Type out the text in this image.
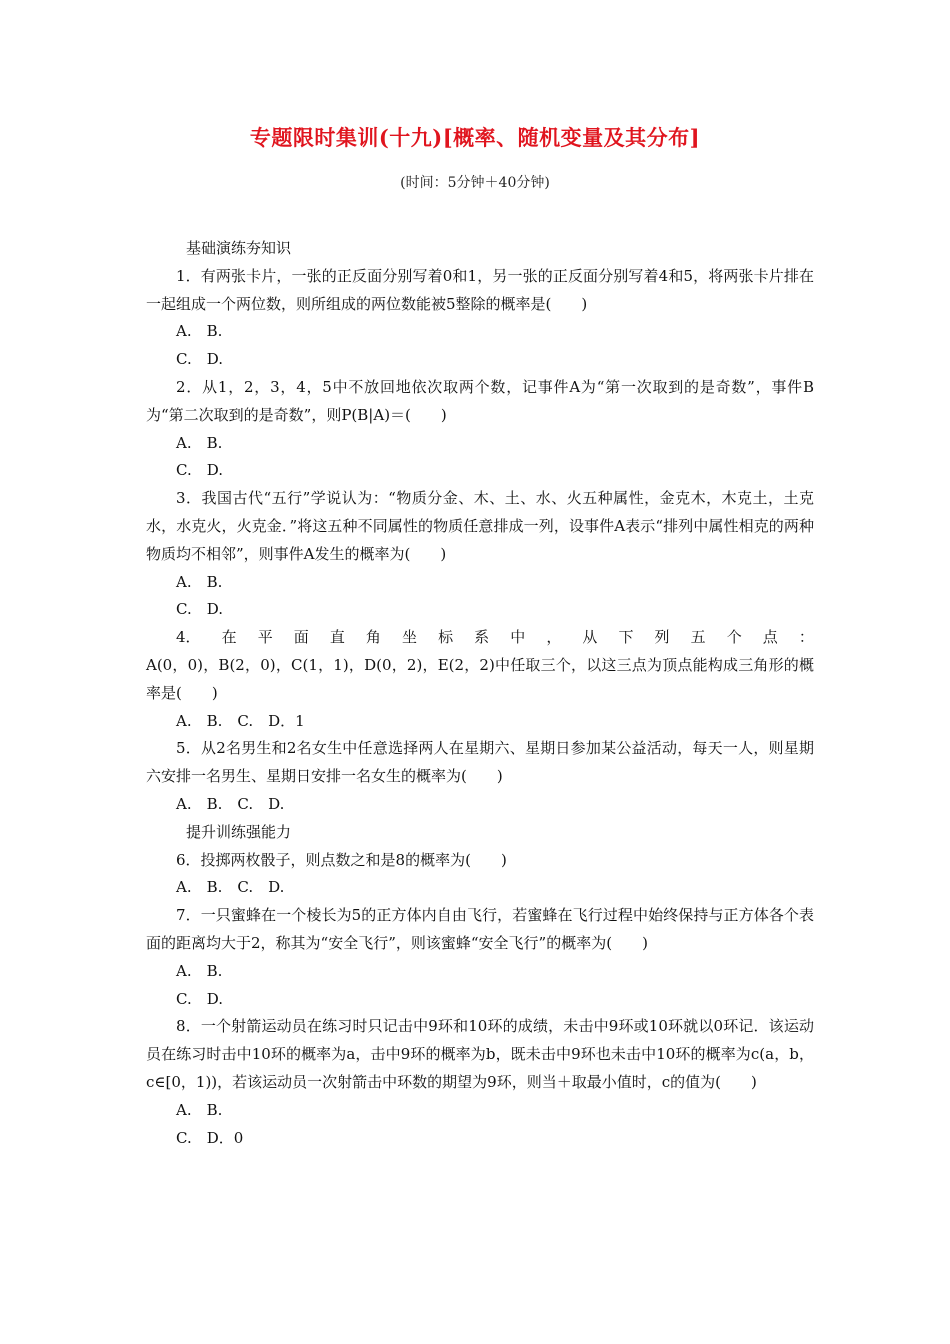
专题限时集训(十九)[概率、随机变量及其分布]
(时间：5分钟＋40分钟)

基础演练夯知识

1．有两张卡片，一张的正反面分别写着0和1，另一张的正反面分别写着4和5，将两张卡片排在一起组成一个两位数，则所组成的两位数能被5整除的概率是(　　)

A.　B.

C.　D.

2．从1，2，3，4，5中不放回地依次取两个数，记事件A为“第一次取到的是奇数”，事件B为“第二次取到的是奇数”，则P(B|A)＝(　　)

A.　B.

C.　D.

3．我国古代“五行”学说认为：“物质分金、木、土、水、火五种属性，金克木，木克土，土克水，水克火，火克金．”将这五种不同属性的物质任意排成一列，设事件A表示“排列中属性相克的两种物质均不相邻”，则事件A发生的概率为(　　)

A.　B.

C.　D.

4． 在 平 面 直 角 坐 标 系 中 ， 从 下 列 五 个 点 ：

A(0，0)，B(2，0)，C(1，1)，D(0，2)，E(2，2)中任取三个，以这三点为顶点能构成三角形的概率是(　　)

A.　B.　C.　D．1

5．从2名男生和2名女生中任意选择两人在星期六、星期日参加某公益活动，每天一人，则星期六安排一名男生、星期日安排一名女生的概率为(　　)

A.　B.　C.　D.

提升训练强能力

6．投掷两枚骰子，则点数之和是8的概率为(　　)

A.　B.　C.　D.

7．一只蜜蜂在一个棱长为5的正方体内自由飞行，若蜜蜂在飞行过程中始终保持与正方体各个表面的距离均大于2，称其为“安全飞行”，则该蜜蜂“安全飞行”的概率为(　　)

A.　B.

C.　D.

8．一个射箭运动员在练习时只记击中9环和10环的成绩，未击中9环或10环就以0环记．该运动员在练习时击中10环的概率为a，击中9环的概率为b，既未击中9环也未击中10环的概率为c(a，b，c∈[0，1))，若该运动员一次射箭击中环数的期望为9环，则当＋取最小值时，c的值为(　　)

A.　B.

C.　D．0
